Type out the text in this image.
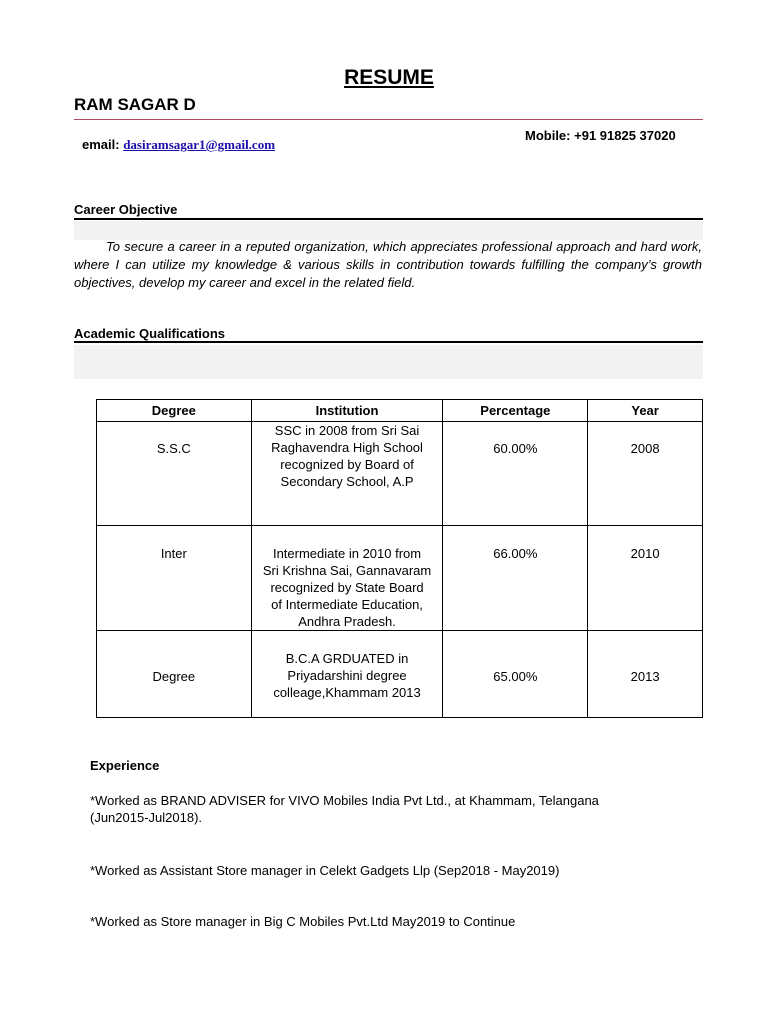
RESUME
RAM SAGAR D
Mobile: +91 91825 37020
email: dasiramsagar1@gmail.com
Career Objective
To secure a career in a reputed organization, which appreciates professional approach and hard work, where I can utilize my knowledge & various skills in contribution towards fulfilling the company’s growth objectives, develop my career and excel in the related field.
Academic Qualifications
Degree	Institution	Percentage	Year
S.S.C	SSC in 2008 from Sri Sai
Raghavendra High School
recognized by Board of
Secondary School, A.P	60.00%	2008
Inter	Intermediate in 2010 from
Sri Krishna Sai, Gannavaram
recognized by State Board
of Intermediate Education,
Andhra Pradesh.	66.00%	2010
Degree	B.C.A GRDUATED in
Priyadarshini degree
colleage,Khammam 2013	65.00%	2013
Experience
*Worked as BRAND ADVISER for VIVO Mobiles India Pvt Ltd., at Khammam, Telangana (Jun2015-Jul2018).
*Worked as Assistant Store manager in Celekt Gadgets Llp (Sep2018 - May2019)
*Worked as Store manager in Big C Mobiles Pvt.Ltd May2019 to Continue
